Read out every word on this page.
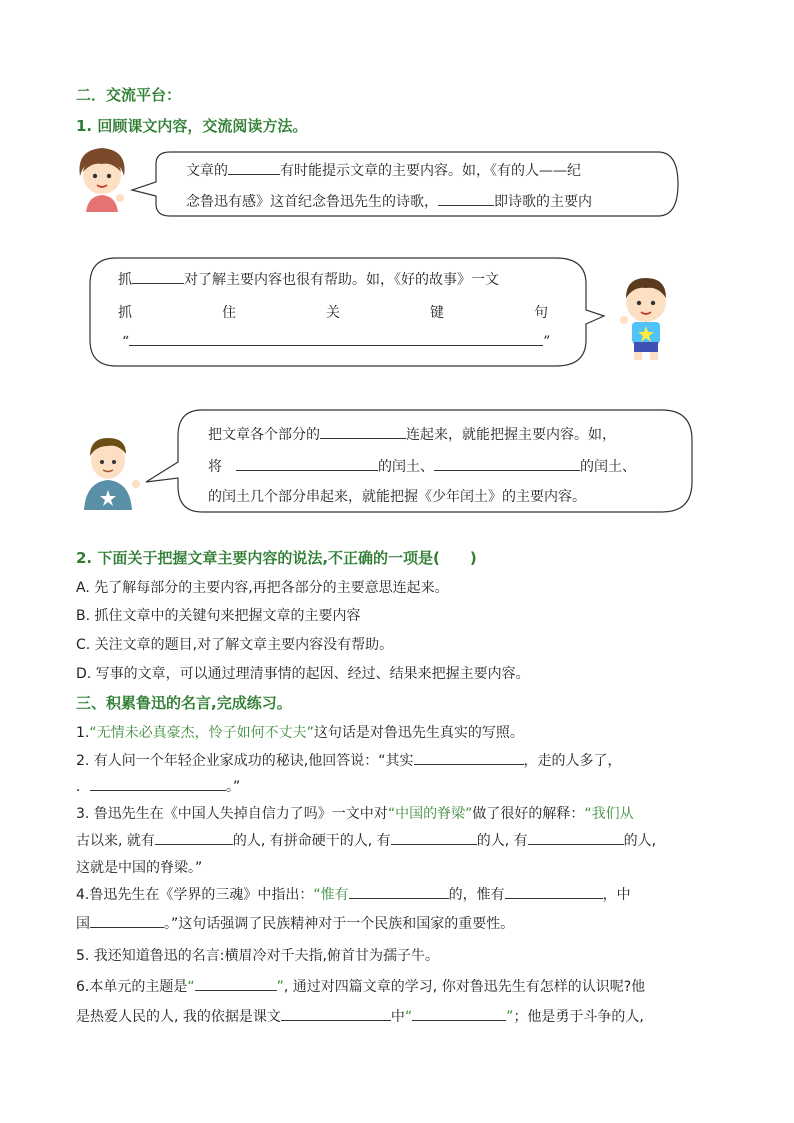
二．交流平台：
1. 回顾课文内容，交流阅读方法。
文章的	有时能提示文章的主要内容。如，《有的人——纪
念鲁迅有感》这首纪念鲁迅先生的诗歌，	即诗歌的主要内
抓	对了解主要内容也很有帮助。如，《好的故事》一文
抓	住	关	键	句
“	”
把文章各个部分的	连起来，就能把握主要内容。如，
将　	的闰土、	的闰土、
的闰土几个部分串起来，就能把握《少年闰土》的主要内容。
2. 下面关于把握文章主要内容的说法,不正确的一项是(　　)
A. 先了解每部分的主要内容,再把各部分的主要意思连起来。
B. 抓住文章中的关键句来把握文章的主要内容
C. 关注文章的题目,对了解文章主要内容没有帮助。
D. 写事的文章，可以通过理清事情的起因、经过、结果来把握主要内容。
三、积累鲁迅的名言,完成练习。
1.“无情未必真豪杰，怜子如何不丈夫”这句话是对鲁迅先生真实的写照。
2. 有人问一个年轻企业家成功的秘诀,他回答说：“其实	，走的人多了，
．	。”
3. 鲁迅先生在《中国人失掉自信力了吗》一文中对“中国的脊梁”做了很好的解释：“我们从
古以来, 就有	的人, 有拼命硬干的人, 有	的人, 有	的人,
这就是中国的脊梁。”
4.鲁迅先生在《学界的三魂》中指出：“惟有	的，惟有	，中
国	。”这句话强调了民族精神对于一个民族和国家的重要性。
5. 我还知道鲁迅的名言:横眉冷对千夫指,俯首甘为孺子牛。
6.本单元的主题是“	”, 通过对四篇文章的学习, 你对鲁迅先生有怎样的认识呢?他
是热爱人民的人, 我的依据是课文	中“	”；他是勇于斗争的人,
